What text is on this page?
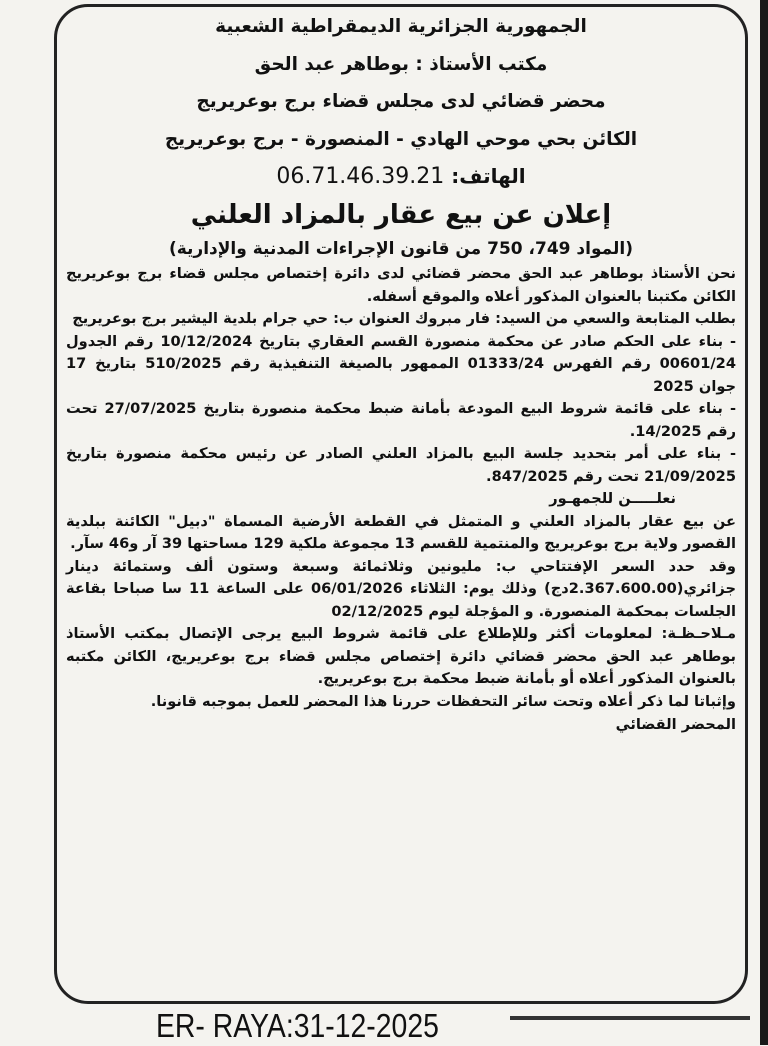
الجمهورية الجزائرية الديمقراطية الشعبية
مكتب الأستاذ : بوطاهر عبد الحق
محضر قضائي لدى مجلس قضاء برج بوعريريج
الكائن بحي موحي الهادي - المنصورة - برج بوعريريج
الهاتف: 06.71.46.39.21
إعلان عن بيع عقار بالمزاد العلني
(المواد 749، 750 من قانون الإجراءات المدنية والإدارية)

نحن الأستاذ بوطاهر عبد الحق محضر قضائي لدى دائرة إختصاص مجلس قضاء برج بوعريريج الكائن مكتبنا بالعنوان المذكور أعلاه والموقع أسفله.

بطلب المتابعة والسعي من السيد: فار مبروك العنوان ب: حي جرام بلدية اليشير برج بوعريريج

- بناء على الحكم صادر عن محكمة منصورة القسم العقاري بتاريخ 10/12/2024 رقم الجدول 00601/24 رقم الفهرس 01333/24 الممهور بالصيغة التنفيذية رقم 510/2025 بتاريخ 17 جوان 2025

- بناء على قائمة شروط البيع المودعة بأمانة ضبط محكمة منصورة بتاريخ 27/07/2025 تحت رقم 14/2025.

- بناء على أمر بتحديد جلسة البيع بالمزاد العلني الصادر عن رئيس محكمة منصورة بتاريخ 21/09/2025 تحت رقم 847/2025.

نعلـــــن للجمهـور

عن بيع عقار بالمزاد العلني و المتمثل في القطعة الأرضية المسماة "دبيل" الكائنة ببلدية القصور ولاية برج بوعريريج والمنتمية للقسم 13 مجموعة ملكية 129 مساحتها 39 آر و46 سآر.

وقد حدد السعر الإفتتاحي ب: مليونين وثلاثمائة وسبعة وستون ألف وستمائة دينار جزائري(2.367.600.00دج) وذلك يوم: الثلاثاء 06/01/2026 على الساعة 11 سا صباحا بقاعة الجلسات بمحكمة المنصورة. و المؤجلة ليوم 02/12/2025

مـلاحـظـة: لمعلومات أكثر وللإطلاع على قائمة شروط البيع يرجى الإتصال بمكتب الأستاذ بوطاهر عبد الحق محضر قضائي دائرة إختصاص مجلس قضاء برج بوعريريج، الكائن مكتبه بالعنوان المذكور أعلاه أو بأمانة ضبط محكمة برج بوعريريج.

وإثباتا لما ذكر أعلاه وتحت سائر التحفظات حررنا هذا المحضر للعمل بموجبه قانونا.

المحضر القضائي
ER- RAYA:31-12-2025
